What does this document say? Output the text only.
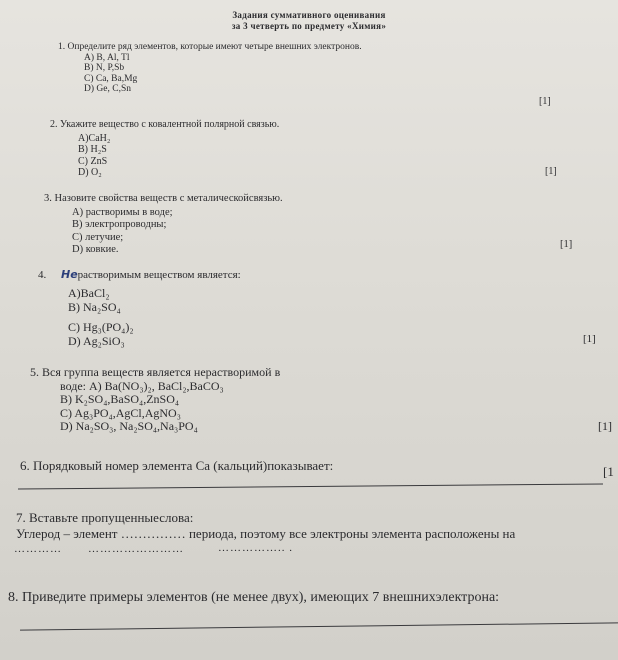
Задания суммативного оценивания
за 3 четверть по предмету «Химия»
1. Определите ряд элементов, которые имеют четыре внешних электронов.
A) B, Al, Tl
B) N, P,Sb
C) Ca, Ba,Mg
D) Ge, C,Sn
[1]
2. Укажите вещество с ковалентной полярной связью.
A)CaH₂
B) H₂S
C) ZnS
D) O₂	[1]
3. Назовите свойства веществ с металическойсвязью.
A) растворимы в воде;
B) электропроводны;
C) летучие;
D) ковкие.	[1]
4. Нерастворимым веществом является:
A)BaCl₂
B) Na₂SO₄
C) Hg₃(PO₄)₂
D) Ag₂SiO₃	[1]
5. Вся группа веществ является нерастворимой в
воде: A) Ba(NO₃)₂, BaCl₂,BaCO₃
B) K₂SO₄,BaSO₄,ZnSO₄
C) Ag₃PO₄,AgCl,AgNO₃
D) Na₂SO₃, Na₂SO₄,Na₃PO₄	[1]
6. Порядковый номер элемента Ca (кальций)показывает:	[1
7. Вставьте пропущенныеслова:
Углерод – элемент …………… периода, поэтому все электроны элемента расположены на
………… ……………………	…………….. .
8. Приведите примеры элементов (не менее двух), имеющих 7 внешнихэлектрона:
